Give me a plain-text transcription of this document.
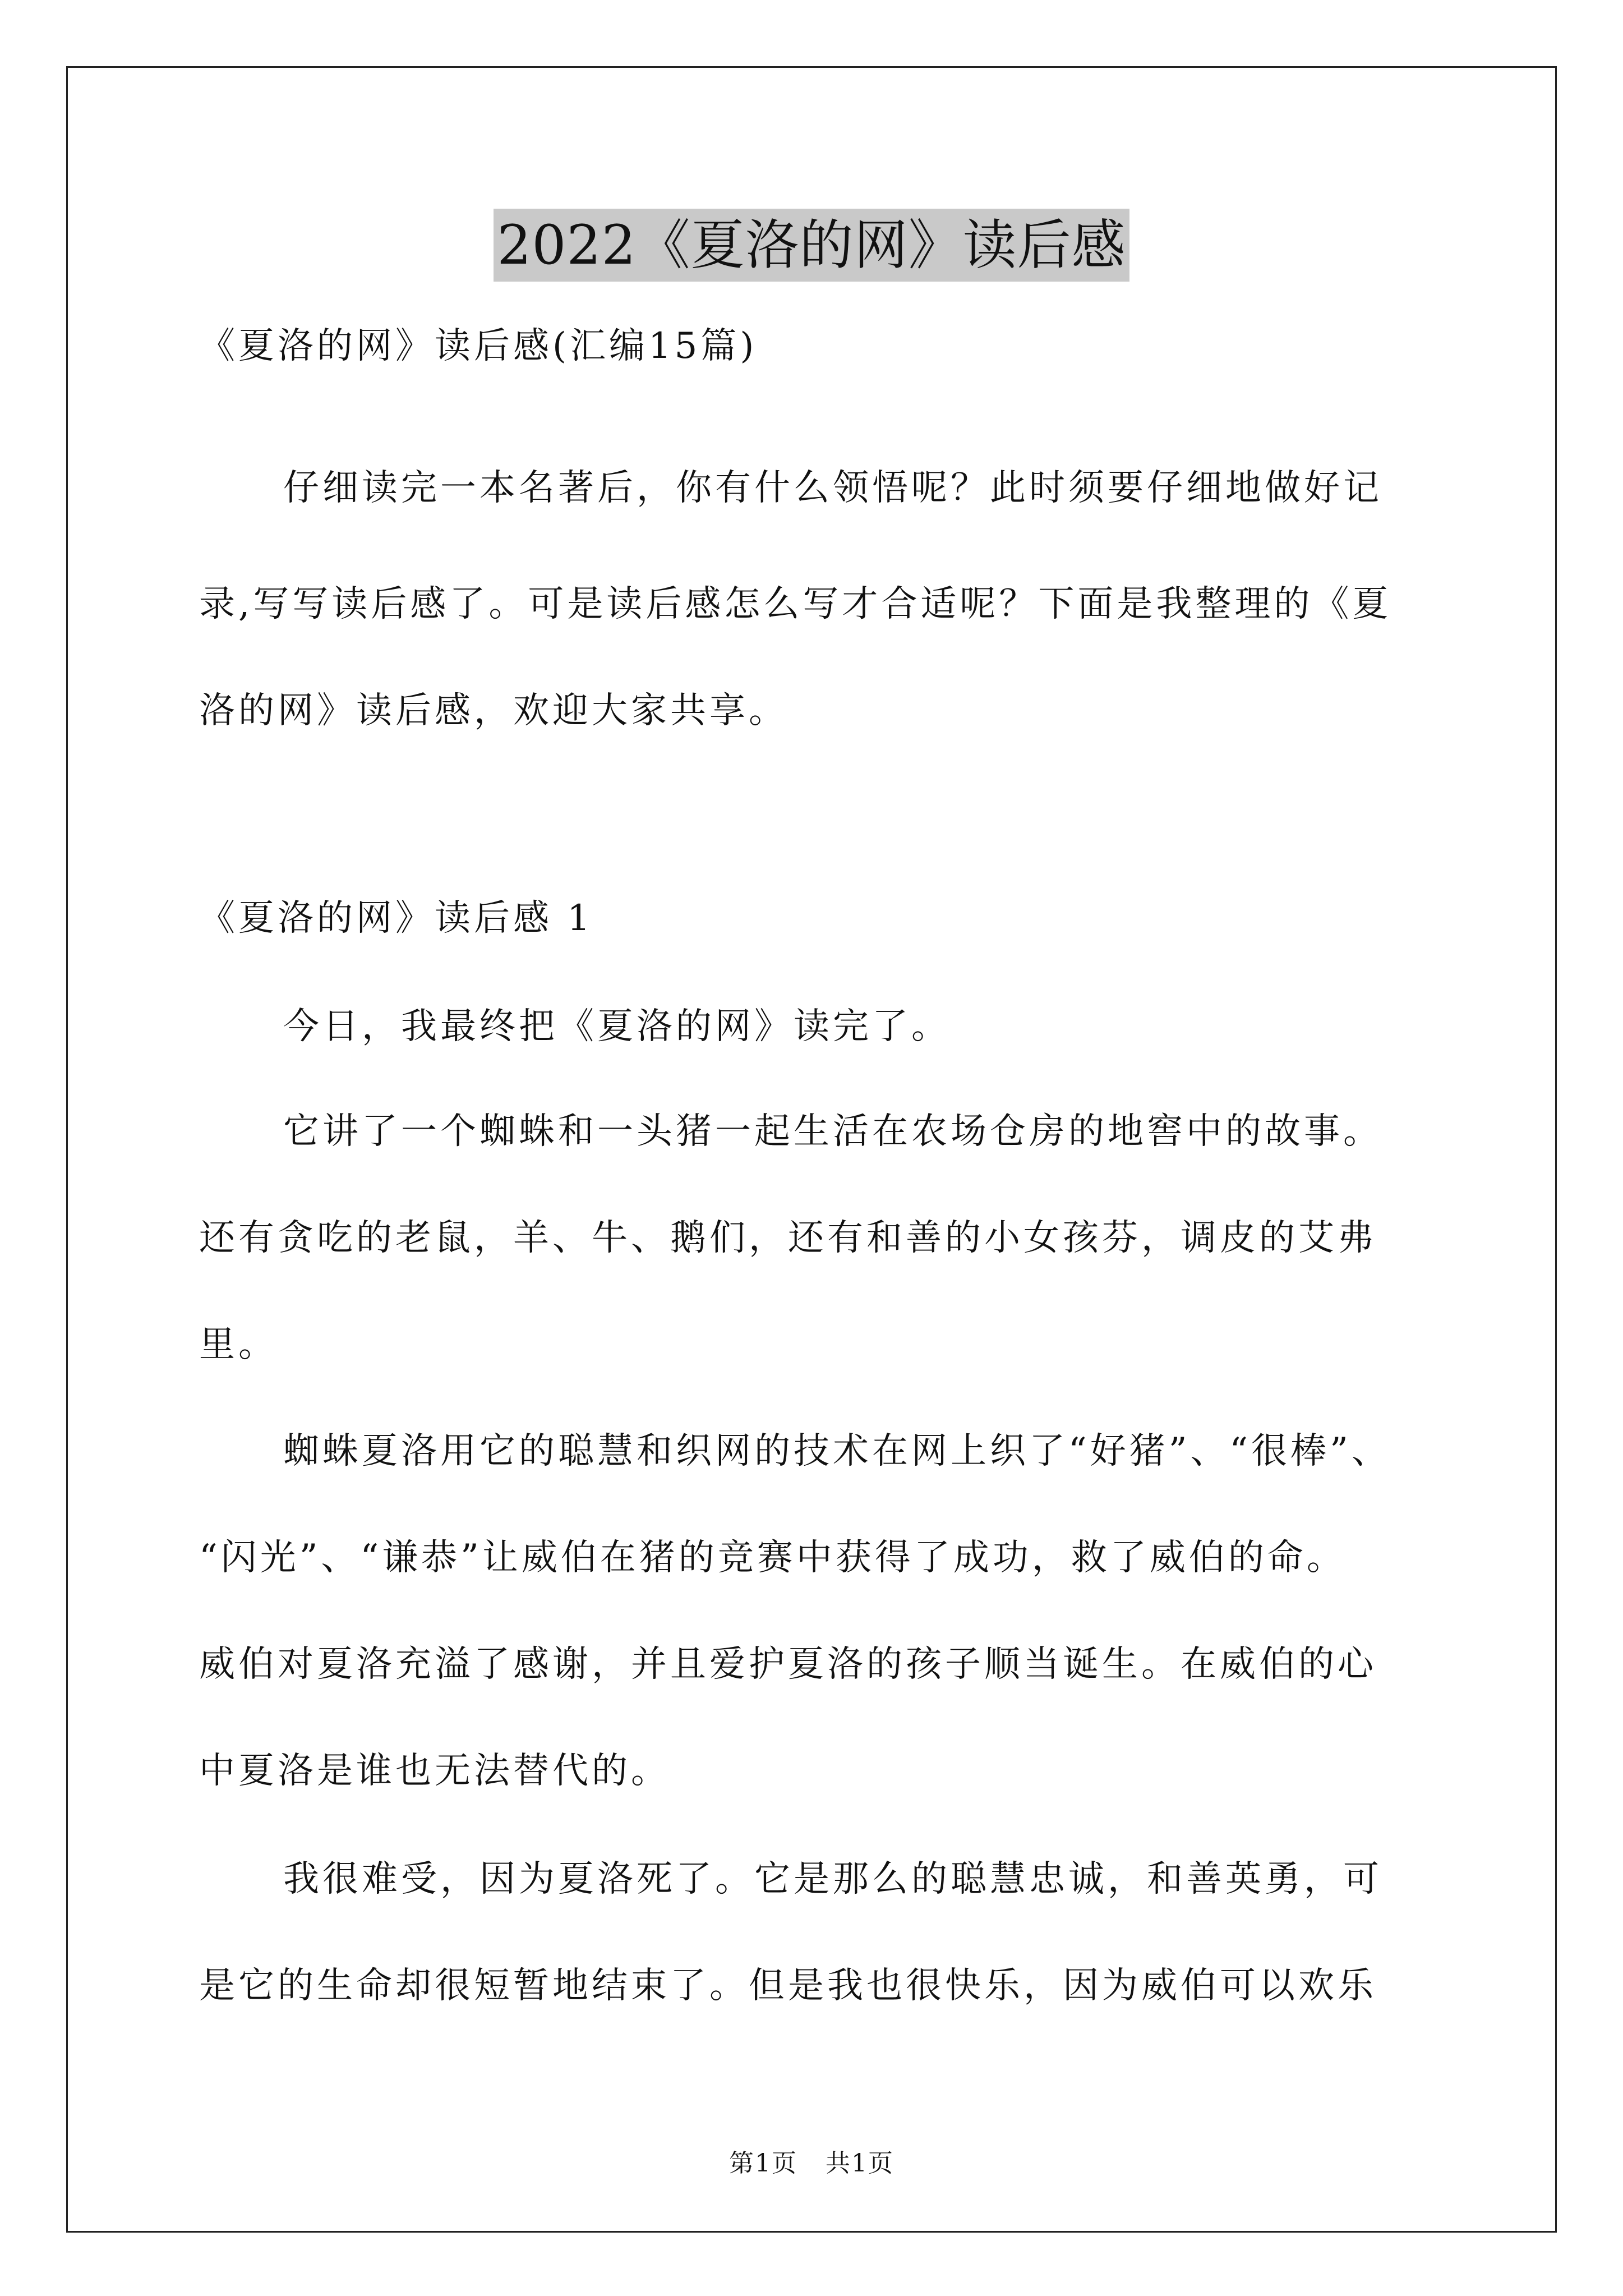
2022《夏洛的网》读后感

《夏洛的网》读后感(汇编15篇)

仔细读完一本名著后，你有什么领悟呢？此时须要仔细地做好记

录,写写读后感了。可是读后感怎么写才合适呢？下面是我整理的《夏

洛的网》读后感，欢迎大家共享。

《夏洛的网》读后感 1

今日，我最终把《夏洛的网》读完了。

它讲了一个蜘蛛和一头猪一起生活在农场仓房的地窖中的故事。

还有贪吃的老鼠，羊、牛、鹅们，还有和善的小女孩芬，调皮的艾弗

里。

蜘蛛夏洛用它的聪慧和织网的技术在网上织了“好猪”、“很棒”、

“闪光”、“谦恭”让威伯在猪的竞赛中获得了成功，救了威伯的命。

威伯对夏洛充溢了感谢，并且爱护夏洛的孩子顺当诞生。在威伯的心

中夏洛是谁也无法替代的。

我很难受，因为夏洛死了。它是那么的聪慧忠诚，和善英勇，可

是它的生命却很短暂地结束了。但是我也很快乐，因为威伯可以欢乐

第1页 共1页
